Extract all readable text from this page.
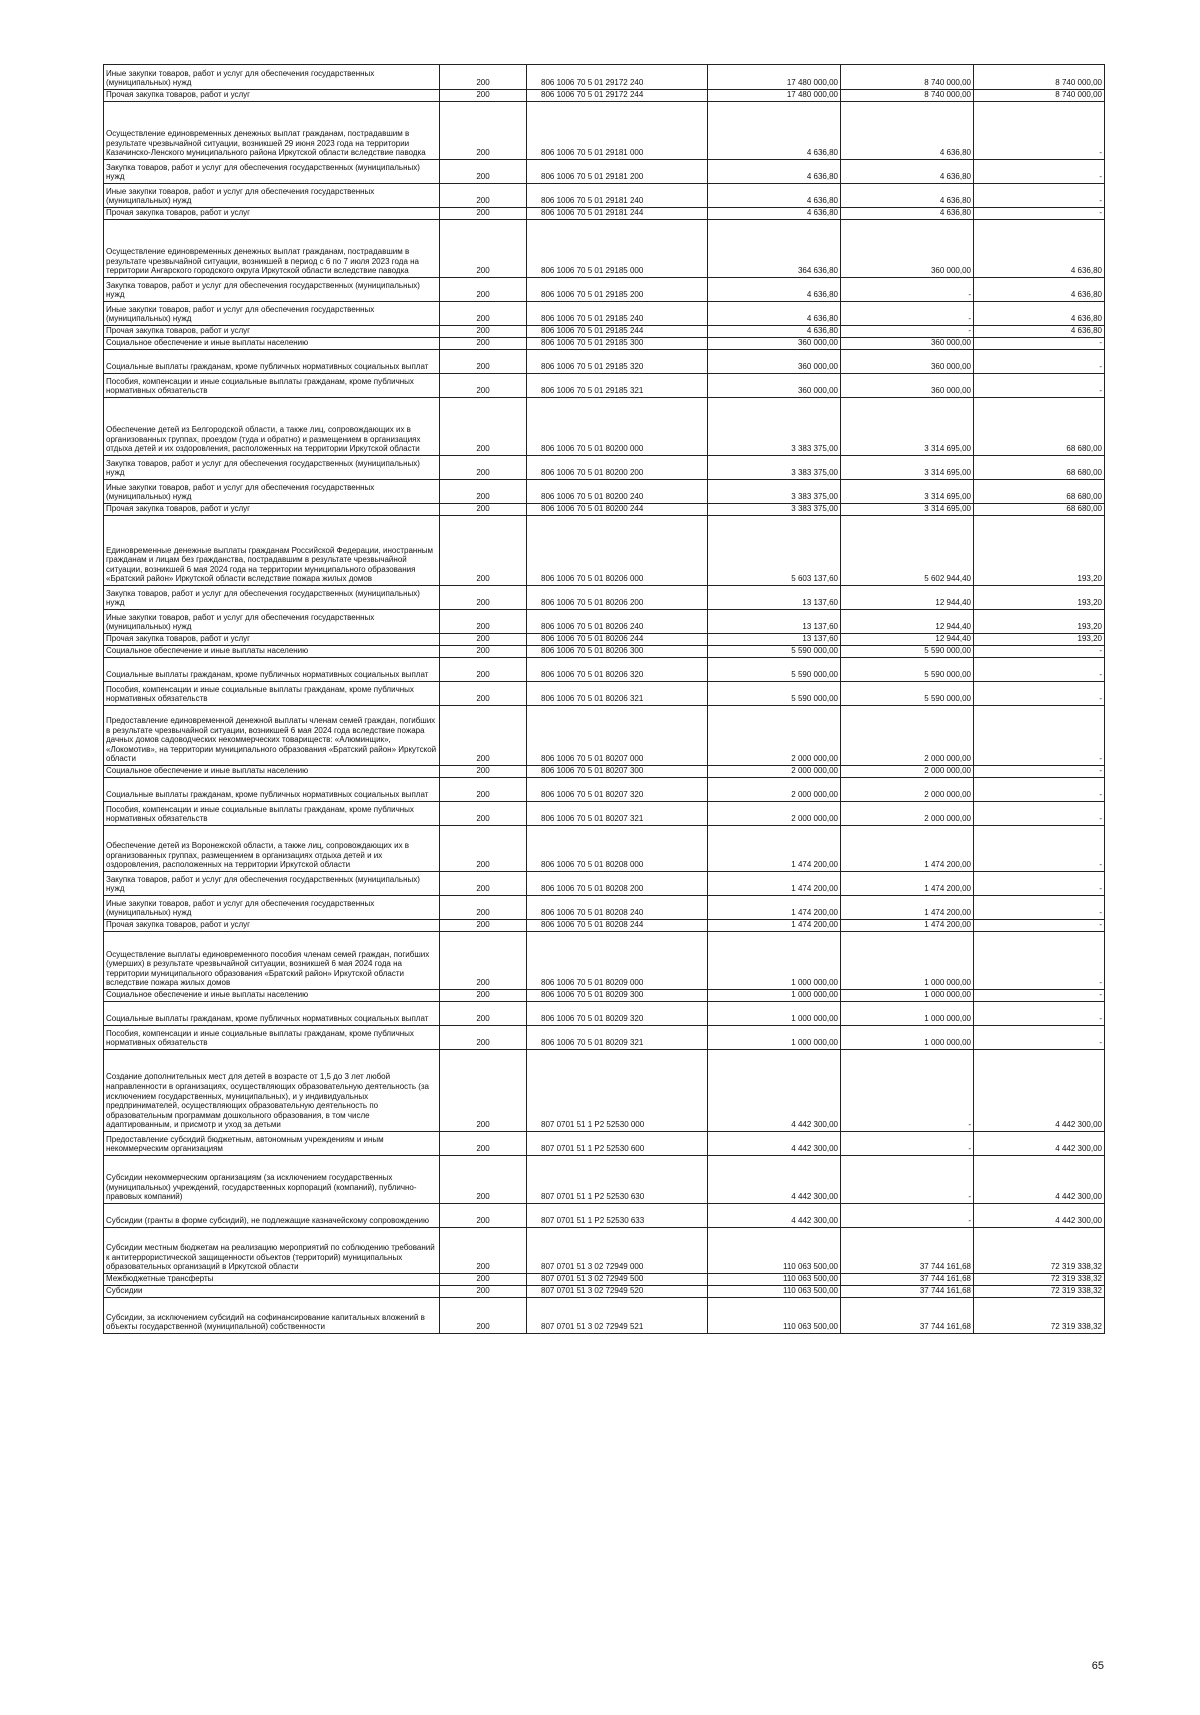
Иные закупки товаров, работ и услуг для обеспечения государственных (муниципальных) нужд	200	806 1006 70 5 01 29172 240	17 480 000,00	8 740 000,00	8 740 000,00
Прочая закупка товаров, работ и услуг	200	806 1006 70 5 01 29172 244	17 480 000,00	8 740 000,00	8 740 000,00
Осуществление единовременных денежных выплат гражданам, пострадавшим в результате чрезвычайной ситуации, возникшей 29 июня 2023 года на территории Казачинско-Ленского муниципального района Иркутской области вследствие паводка	200	806 1006 70 5 01 29181 000	4 636,80	4 636,80	-
Закупка товаров, работ и услуг для обеспечения государственных (муниципальных) нужд	200	806 1006 70 5 01 29181 200	4 636,80	4 636,80	-
Иные закупки товаров, работ и услуг для обеспечения государственных (муниципальных) нужд	200	806 1006 70 5 01 29181 240	4 636,80	4 636,80	-
Прочая закупка товаров, работ и услуг	200	806 1006 70 5 01 29181 244	4 636,80	4 636,80	-
Осуществление единовременных денежных выплат гражданам, пострадавшим в результате чрезвычайной ситуации, возникшей в период с 6 по 7 июля 2023 года на территории Ангарского городского округа Иркутской области вследствие паводка	200	806 1006 70 5 01 29185 000	364 636,80	360 000,00	4 636,80
Закупка товаров, работ и услуг для обеспечения государственных (муниципальных) нужд	200	806 1006 70 5 01 29185 200	4 636,80	-	4 636,80
Иные закупки товаров, работ и услуг для обеспечения государственных (муниципальных) нужд	200	806 1006 70 5 01 29185 240	4 636,80	-	4 636,80
Прочая закупка товаров, работ и услуг	200	806 1006 70 5 01 29185 244	4 636,80	-	4 636,80
Социальное обеспечение и иные выплаты населению	200	806 1006 70 5 01 29185 300	360 000,00	360 000,00	-
Социальные выплаты гражданам, кроме публичных нормативных социальных выплат	200	806 1006 70 5 01 29185 320	360 000,00	360 000,00	-
Пособия, компенсации и иные социальные выплаты гражданам, кроме публичных нормативных обязательств	200	806 1006 70 5 01 29185 321	360 000,00	360 000,00	-
Обеспечение детей из Белгородской области, а также лиц, сопровождающих их в организованных группах, проездом (туда и обратно) и размещением в организациях отдыха детей и их оздоровления, расположенных на территории Иркутской области	200	806 1006 70 5 01 80200 000	3 383 375,00	3 314 695,00	68 680,00
Закупка товаров, работ и услуг для обеспечения государственных (муниципальных) нужд	200	806 1006 70 5 01 80200 200	3 383 375,00	3 314 695,00	68 680,00
Иные закупки товаров, работ и услуг для обеспечения государственных (муниципальных) нужд	200	806 1006 70 5 01 80200 240	3 383 375,00	3 314 695,00	68 680,00
Прочая закупка товаров, работ и услуг	200	806 1006 70 5 01 80200 244	3 383 375,00	3 314 695,00	68 680,00
Единовременные денежные выплаты гражданам Российской Федерации, иностранным гражданам и лицам без гражданства, пострадавшим в результате чрезвычайной ситуации, возникшей 6 мая 2024 года на территории муниципального образования «Братский район» Иркутской области вследствие пожара жилых домов	200	806 1006 70 5 01 80206 000	5 603 137,60	5 602 944,40	193,20
Закупка товаров, работ и услуг для обеспечения государственных (муниципальных) нужд	200	806 1006 70 5 01 80206 200	13 137,60	12 944,40	193,20
Иные закупки товаров, работ и услуг для обеспечения государственных (муниципальных) нужд	200	806 1006 70 5 01 80206 240	13 137,60	12 944,40	193,20
Прочая закупка товаров, работ и услуг	200	806 1006 70 5 01 80206 244	13 137,60	12 944,40	193,20
Социальное обеспечение и иные выплаты населению	200	806 1006 70 5 01 80206 300	5 590 000,00	5 590 000,00	-
Социальные выплаты гражданам, кроме публичных нормативных социальных выплат	200	806 1006 70 5 01 80206 320	5 590 000,00	5 590 000,00	-
Пособия, компенсации и иные социальные выплаты гражданам, кроме публичных нормативных обязательств	200	806 1006 70 5 01 80206 321	5 590 000,00	5 590 000,00	-
Предоставление единовременной денежной выплаты членам семей граждан, погибших в результате чрезвычайной ситуации, возникшей 6 мая 2024 года вследствие пожара дачных домов садоводческих некоммерческих товариществ: «Алюминщик», «Локомотив», на территории муниципального образования «Братский район» Иркутской области	200	806 1006 70 5 01 80207 000	2 000 000,00	2 000 000,00	-
Социальное обеспечение и иные выплаты населению	200	806 1006 70 5 01 80207 300	2 000 000,00	2 000 000,00	-
Социальные выплаты гражданам, кроме публичных нормативных социальных выплат	200	806 1006 70 5 01 80207 320	2 000 000,00	2 000 000,00	-
Пособия, компенсации и иные социальные выплаты гражданам, кроме публичных нормативных обязательств	200	806 1006 70 5 01 80207 321	2 000 000,00	2 000 000,00	-
Обеспечение детей из Воронежской области, а также лиц, сопровождающих их в организованных группах, размещением в организациях отдыха детей и их оздоровления, расположенных на территории Иркутской области	200	806 1006 70 5 01 80208 000	1 474 200,00	1 474 200,00	-
Закупка товаров, работ и услуг для обеспечения государственных (муниципальных) нужд	200	806 1006 70 5 01 80208 200	1 474 200,00	1 474 200,00	-
Иные закупки товаров, работ и услуг для обеспечения государственных (муниципальных) нужд	200	806 1006 70 5 01 80208 240	1 474 200,00	1 474 200,00	-
Прочая закупка товаров, работ и услуг	200	806 1006 70 5 01 80208 244	1 474 200,00	1 474 200,00	-
Осуществление выплаты единовременного пособия членам семей граждан, погибших (умерших) в результате чрезвычайной ситуации, возникшей 6 мая 2024 года на территории муниципального образования «Братский район» Иркутской области вследствие пожара жилых домов	200	806 1006 70 5 01 80209 000	1 000 000,00	1 000 000,00	-
Социальное обеспечение и иные выплаты населению	200	806 1006 70 5 01 80209 300	1 000 000,00	1 000 000,00	-
Социальные выплаты гражданам, кроме публичных нормативных социальных выплат	200	806 1006 70 5 01 80209 320	1 000 000,00	1 000 000,00	-
Пособия, компенсации и иные социальные выплаты гражданам, кроме публичных нормативных обязательств	200	806 1006 70 5 01 80209 321	1 000 000,00	1 000 000,00	-
Создание дополнительных мест для детей в возрасте от 1,5 до 3 лет любой направленности в организациях, осуществляющих образовательную деятельность (за исключением государственных, муниципальных), и у индивидуальных предпринимателей, осуществляющих образовательную деятельность по образовательным программам дошкольного образования, в том числе адаптированным, и присмотр и уход за детьми	200	807 0701 51 1 P2 52530 000	4 442 300,00	-	4 442 300,00
Предоставление субсидий бюджетным, автономным учреждениям и иным некоммерческим организациям	200	807 0701 51 1 P2 52530 600	4 442 300,00	-	4 442 300,00
Субсидии некоммерческим организациям (за исключением государственных (муниципальных) учреждений, государственных корпораций (компаний), публично-правовых компаний)	200	807 0701 51 1 P2 52530 630	4 442 300,00	-	4 442 300,00
Субсидии (гранты в форме субсидий), не подлежащие казначейскому сопровождению	200	807 0701 51 1 P2 52530 633	4 442 300,00	-	4 442 300,00
Субсидии местным бюджетам на реализацию мероприятий по соблюдению требований к антитеррористической защищенности объектов (территорий) муниципальных образовательных организаций в Иркутской области	200	807 0701 51 3 02 72949 000	110 063 500,00	37 744 161,68	72 319 338,32
Межбюджетные трансферты	200	807 0701 51 3 02 72949 500	110 063 500,00	37 744 161,68	72 319 338,32
Субсидии	200	807 0701 51 3 02 72949 520	110 063 500,00	37 744 161,68	72 319 338,32
Субсидии, за исключением субсидий на софинансирование капитальных вложений в объекты государственной (муниципальной) собственности	200	807 0701 51 3 02 72949 521	110 063 500,00	37 744 161,68	72 319 338,32
65
